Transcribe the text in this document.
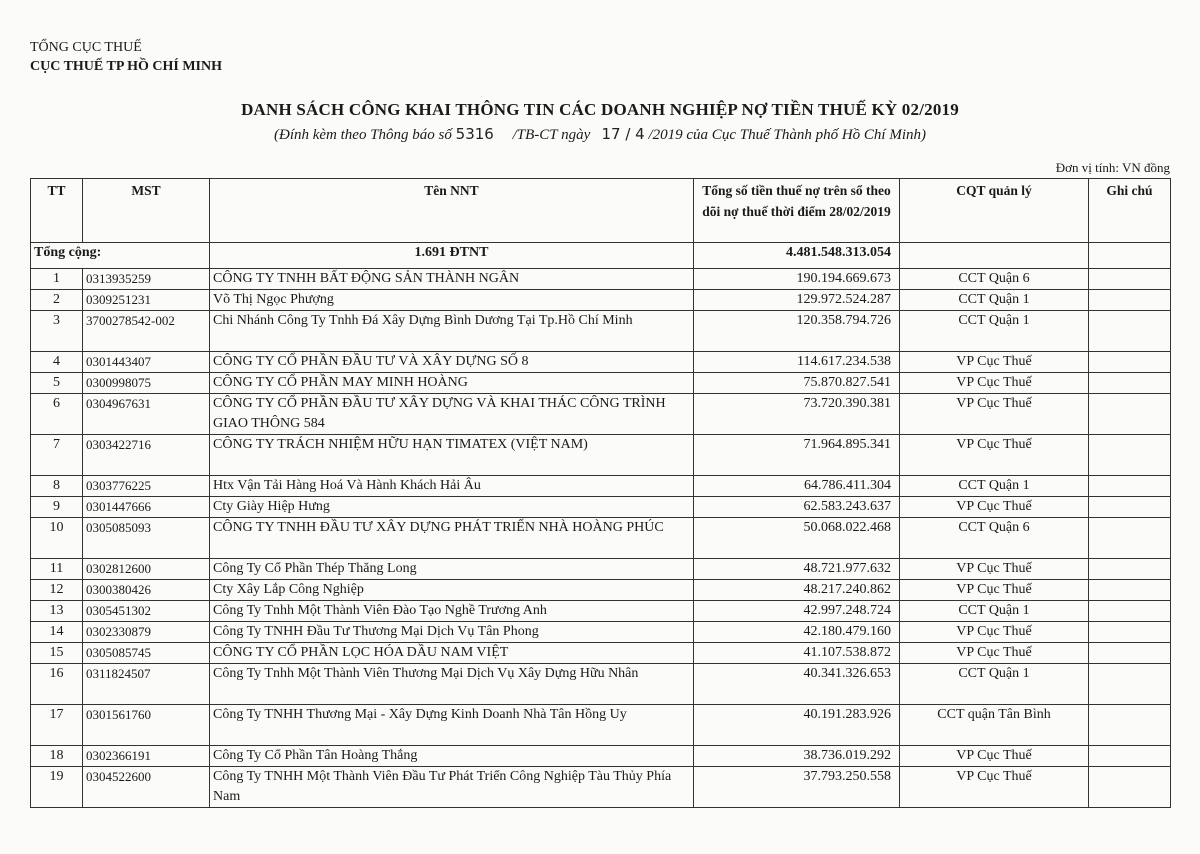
TỔNG CỤC THUẾ
CỤC THUẾ TP HỒ CHÍ MINH
DANH SÁCH CÔNG KHAI THÔNG TIN CÁC DOANH NGHIỆP NỢ TIỀN THUẾ KỲ 02/2019
(Đính kèm theo Thông báo số 5316 /TB-CT ngày 17 / 4 /2019 của Cục Thuế Thành phố Hồ Chí Minh)
Đơn vị tính: VN đồng
TT	MST	Tên NNT	Tổng số tiền thuế nợ trên sổ theo dõi nợ thuế thời điểm 28/02/2019	CQT quản lý	Ghi chú
Tổng cộng:		1.691 ĐTNT	4.481.548.313.054		
1	0313935259	CÔNG TY TNHH BẤT ĐỘNG SẢN THÀNH NGÂN	190.194.669.673	CCT Quận 6	
2	0309251231	Võ Thị Ngọc Phượng	129.972.524.287	CCT Quận 1	
3	3700278542-002	Chi Nhánh Công Ty Tnhh Đá Xây Dựng Bình Dương Tại Tp.Hồ Chí Minh	120.358.794.726	CCT Quận 1	
4	0301443407	CÔNG TY CỔ PHẦN ĐẦU TƯ VÀ XÂY DỰNG SỐ 8	114.617.234.538	VP Cục Thuế	
5	0300998075	CÔNG TY CỔ PHẦN MAY MINH HOÀNG	75.870.827.541	VP Cục Thuế	
6	0304967631	CÔNG TY CỔ PHẦN ĐẦU TƯ XÂY DỰNG VÀ KHAI THÁC CÔNG TRÌNH GIAO THÔNG 584	73.720.390.381	VP Cục Thuế	
7	0303422716	CÔNG TY TRÁCH NHIỆM HỮU HẠN TIMATEX (VIỆT NAM)	71.964.895.341	VP Cục Thuế	
8	0303776225	Htx Vận Tải Hàng Hoá Và Hành Khách Hải Âu	64.786.411.304	CCT Quận 1	
9	0301447666	Cty Giày Hiệp Hưng	62.583.243.637	VP Cục Thuế	
10	0305085093	CÔNG TY TNHH ĐẦU TƯ XÂY DỰNG PHÁT TRIỂN NHÀ HOÀNG PHÚC	50.068.022.468	CCT Quận 6	
11	0302812600	Công Ty Cổ Phần Thép Thăng Long	48.721.977.632	VP Cục Thuế	
12	0300380426	Cty Xây Lắp Công Nghiệp	48.217.240.862	VP Cục Thuế	
13	0305451302	Công Ty Tnhh Một Thành Viên Đào Tạo Nghề Trương Anh	42.997.248.724	CCT Quận 1	
14	0302330879	Công Ty TNHH Đầu Tư Thương Mại Dịch Vụ Tân Phong	42.180.479.160	VP Cục Thuế	
15	0305085745	CÔNG TY CỔ PHẦN LỌC HÓA DẦU NAM VIỆT	41.107.538.872	VP Cục Thuế	
16	0311824507	Công Ty Tnhh Một Thành Viên Thương Mại Dịch Vụ Xây Dựng Hữu Nhân	40.341.326.653	CCT Quận 1	
17	0301561760	Công Ty TNHH Thương Mại - Xây Dựng Kinh Doanh Nhà Tân Hồng Uy	40.191.283.926	CCT quận Tân Bình	
18	0302366191	Công Ty Cổ Phần Tân Hoàng Thắng	38.736.019.292	VP Cục Thuế	
19	0304522600	Công Ty TNHH Một Thành Viên Đầu Tư Phát Triển Công Nghiệp Tàu Thủy Phía Nam	37.793.250.558	VP Cục Thuế	
